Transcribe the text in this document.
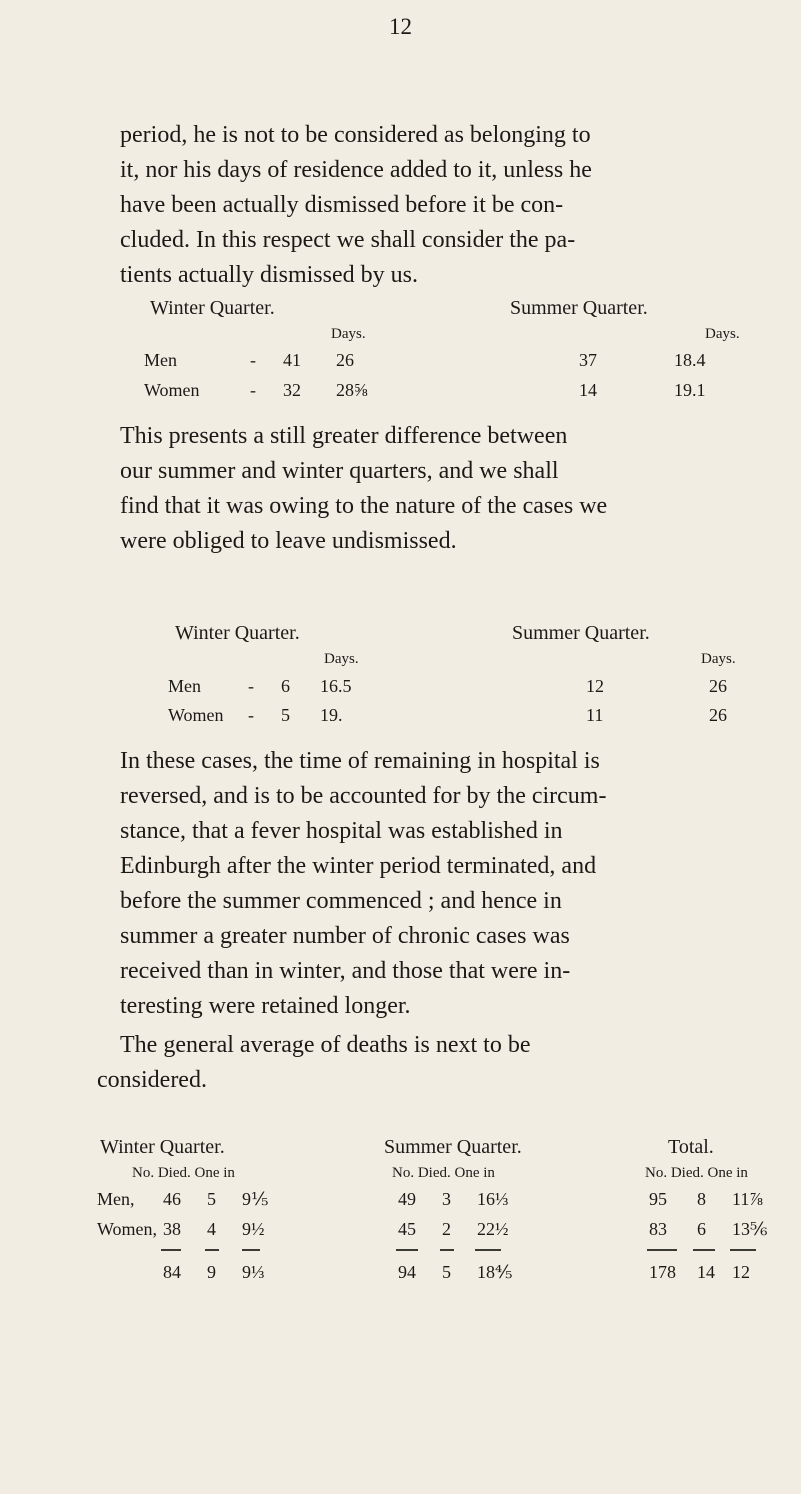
12

period, he is not to be considered as belonging to
it, nor his days of residence added to it, unless he
have been actually dismissed before it be con-
cluded. In this respect we shall consider the pa-
tients actually dismissed by us.

Winter Quarter.	Summer Quarter.
Days.	Days.
Men	- 41 26	37	18.4
Women	- 32 28⅝	14	19.1

This presents a still greater difference between
our summer and winter quarters, and we shall
find that it was owing to the nature of the cases we
were obliged to leave undismissed.

Winter Quarter.	Summer Quarter.
Days.	Days.
Men	- 6 16.5	12	26
Women - 5 19.	11	26

In these cases, the time of remaining in hospital is
reversed, and is to be accounted for by the circum-
stance, that a fever hospital was established in
Edinburgh after the winter period terminated, and
before the summer commenced ; and hence in
summer a greater number of chronic cases was
received than in winter, and those that were in-
teresting were retained longer.

The general average of deaths is next to be
considered.

Winter Quarter.	Summer Quarter.	Total.
No. Died. One in	No. Died. One in	No. Died. One in
Men, 46 5 9⅕	49 3 16⅓	95 8 11⅞
Women, 38 4 9½	45 2 22½	83 6 13⅚
84 9 9⅓	94 5 18⅘	178 14 12
